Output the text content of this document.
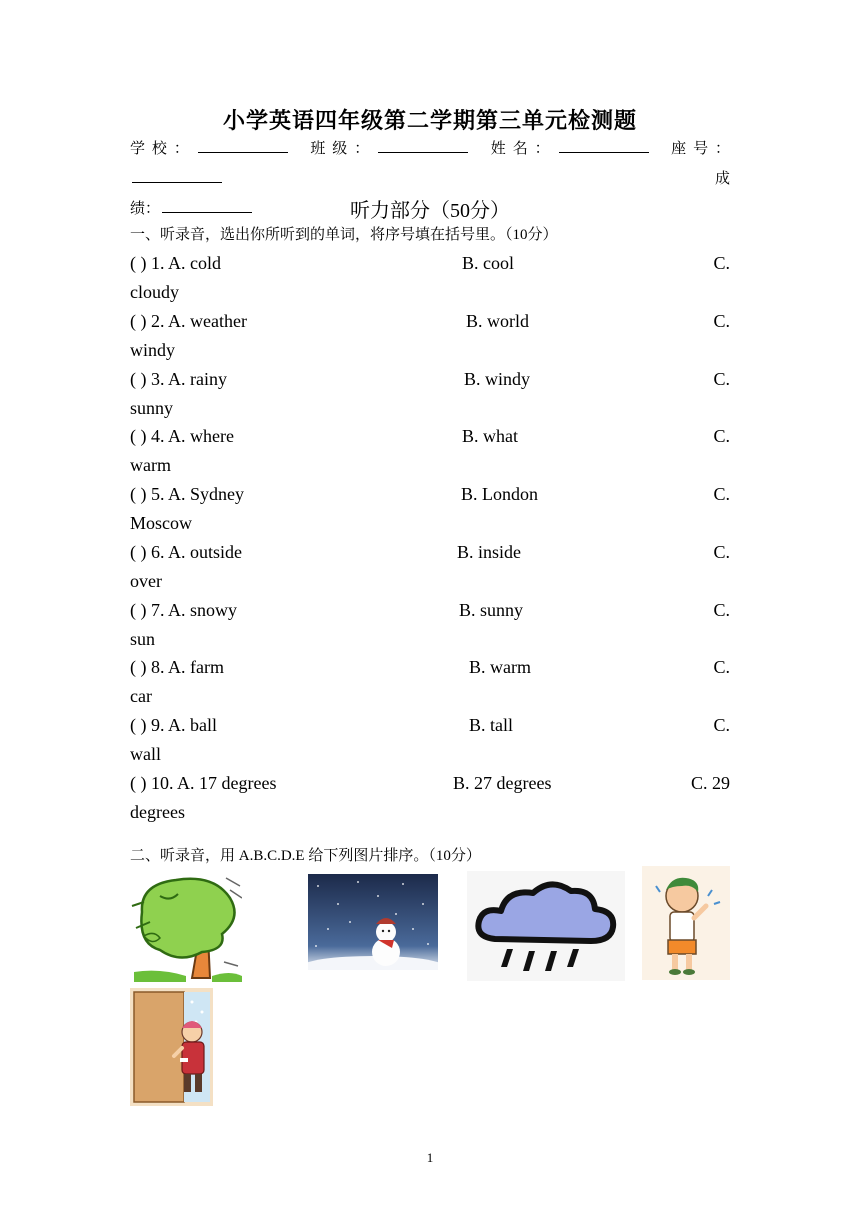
小学英语四年级第二学期第三单元检测题
学校：	班级：	姓名：	座号：
成

绩：	听力部分（50分）
一、听录音，选出你所听到的单词，将序号填在括号里。（10分）
( ) 1. A. cold	B. cool	C.
cloudy
( ) 2. A. weather	B. world	C.
windy
( ) 3. A. rainy	B. windy	C.
sunny
( ) 4. A. where	B. what	C.
warm
( ) 5. A. Sydney	B. London	C.
Moscow
( ) 6. A. outside	B. inside	C.
over
( ) 7. A. snowy	B. sunny	C.
sun
( ) 8. A. farm	B. warm	C.
car
( ) 9. A. ball	B. tall	C.
wall
( ) 10. A. 17 degrees	B. 27 degrees	C. 29
degrees
二、听录音，用 A.B.C.D.E 给下列图片排序。（10分）
1
